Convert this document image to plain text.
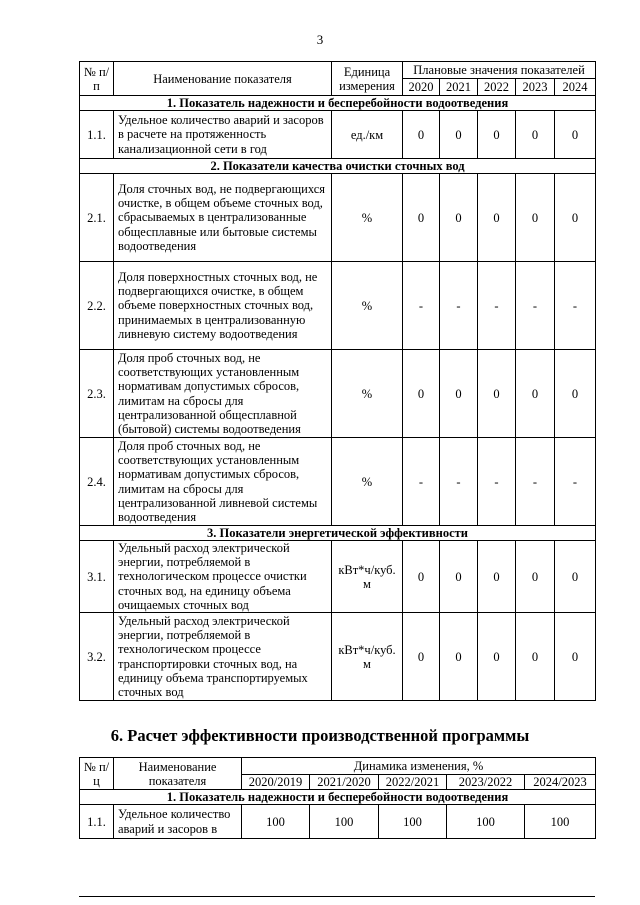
3
№ п/п	Наименование показателя	Единица измерения	Плановые значения показателей				
			2020	2021	2022	2023	2024
1. Показатель надежности и бесперебойности водоотведения							
1.1.	Удельное количество аварий и засоров в расчете на протяженность канализационной сети в год	ед./км	0	0	0	0	0
2. Показатели качества очистки сточных вод							
2.1.	Доля сточных вод, не подвергающихся очистке, в общем объеме сточных вод, сбрасываемых в централизованные общесплавные или бытовые системы водоотведения	%	0	0	0	0	0
2.2.	Доля поверхностных сточных вод, не подвергающихся очистке, в общем объеме поверхностных сточных вод, принимаемых в централизованную ливневую систему водоотведения	%	-	-	-	-	-
2.3.	Доля проб сточных вод, не соответствующих установленным нормативам допустимых сбросов, лимитам на сбросы для централизованной общесплавной (бытовой) системы водоотведения	%	0	0	0	0	0
2.4.	Доля проб сточных вод, не соответствующих установленным нормативам допустимых сбросов, лимитам на сбросы для централизованной ливневой системы водоотведения	%	-	-	-	-	-
3. Показатели энергетической эффективности							
3.1.	Удельный расход электрической энергии, потребляемой в технологическом процессе очистки сточных вод, на единицу объема очищаемых сточных вод	кВт*ч/куб. м	0	0	0	0	0
3.2.	Удельный расход электрической энергии, потребляемой в технологическом процессе транспортировки сточных вод, на единицу объема транспортируемых сточных вод	кВт*ч/куб. м	0	0	0	0	0
6. Расчет эффективности производственной программы
№ п/ц	Наименование показателя	Динамика изменения, %				
		2020/2019	2021/2020	2022/2021	2023/2022	2024/2023
1. Показатель надежности и бесперебойности водоотведения						
1.1.	Удельное количество аварий и засоров в	100	100	100	100	100
